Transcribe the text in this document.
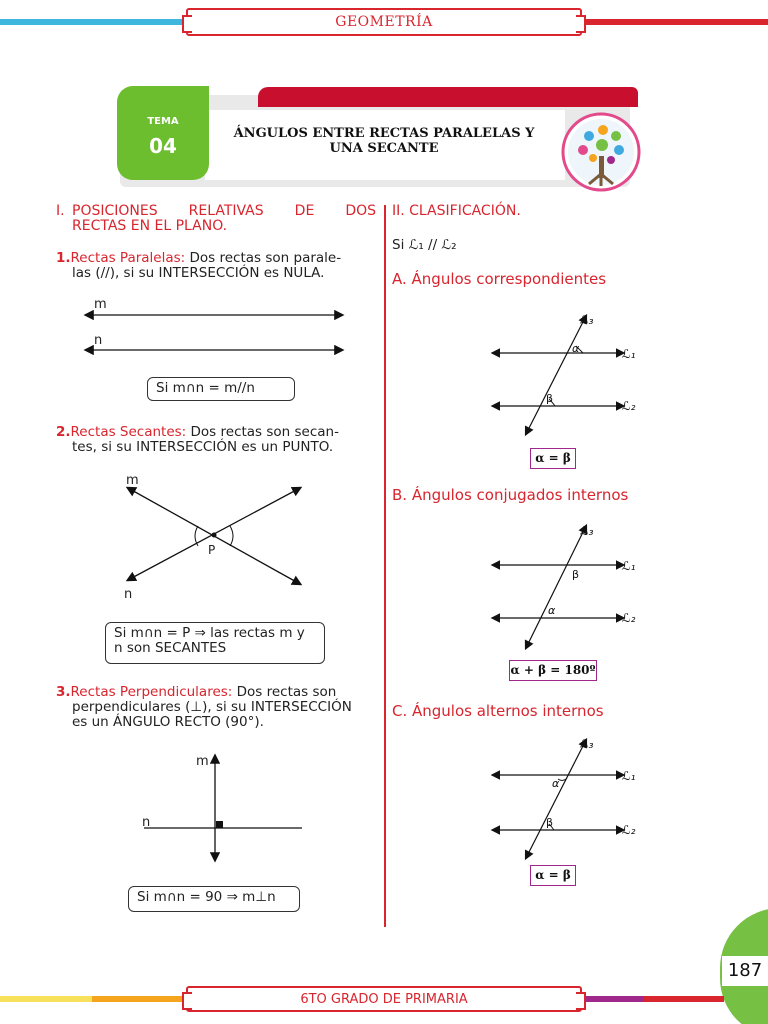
GEOMETRÍA
TEMA
04
ÁNGULOS ENTRE RECTAS PARALELAS Y
UNA SECANTE
I. POSICIONES RELATIVAS DE DOS
RECTAS EN EL PLANO.
1.Rectas Paralelas: Dos rectas son parale-
las (//), si su INTERSECCIÓN es NULA.
m
n
Si m∩n = m//n
2.Rectas Secantes: Dos rectas son secan-
tes, si su INTERSECCIÓN es un PUNTO.
m
n
P
Si m∩n = P ⇒ las rectas m y
n son SECANTES
3.Rectas Perpendiculares: Dos rectas son
perpendiculares (⊥), si su INTERSECCIÓN
es un ÁNGULO RECTO (90°).
m
n
Si m∩n = 90 ⇒ m⊥n
II. CLASIFICACIÓN.
Si ℒ₁ // ℒ₂
A. Ángulos correspondientes
α
β
ℒ₃
ℒ₁
ℒ₂
α = β
B. Ángulos conjugados internos
β
α
ℒ₃
ℒ₁
ℒ₂
α + β = 180º
C. Ángulos alternos internos
α
β
ℒ₃
ℒ₁
ℒ₂
α = β
187
6TO GRADO DE PRIMARIA
